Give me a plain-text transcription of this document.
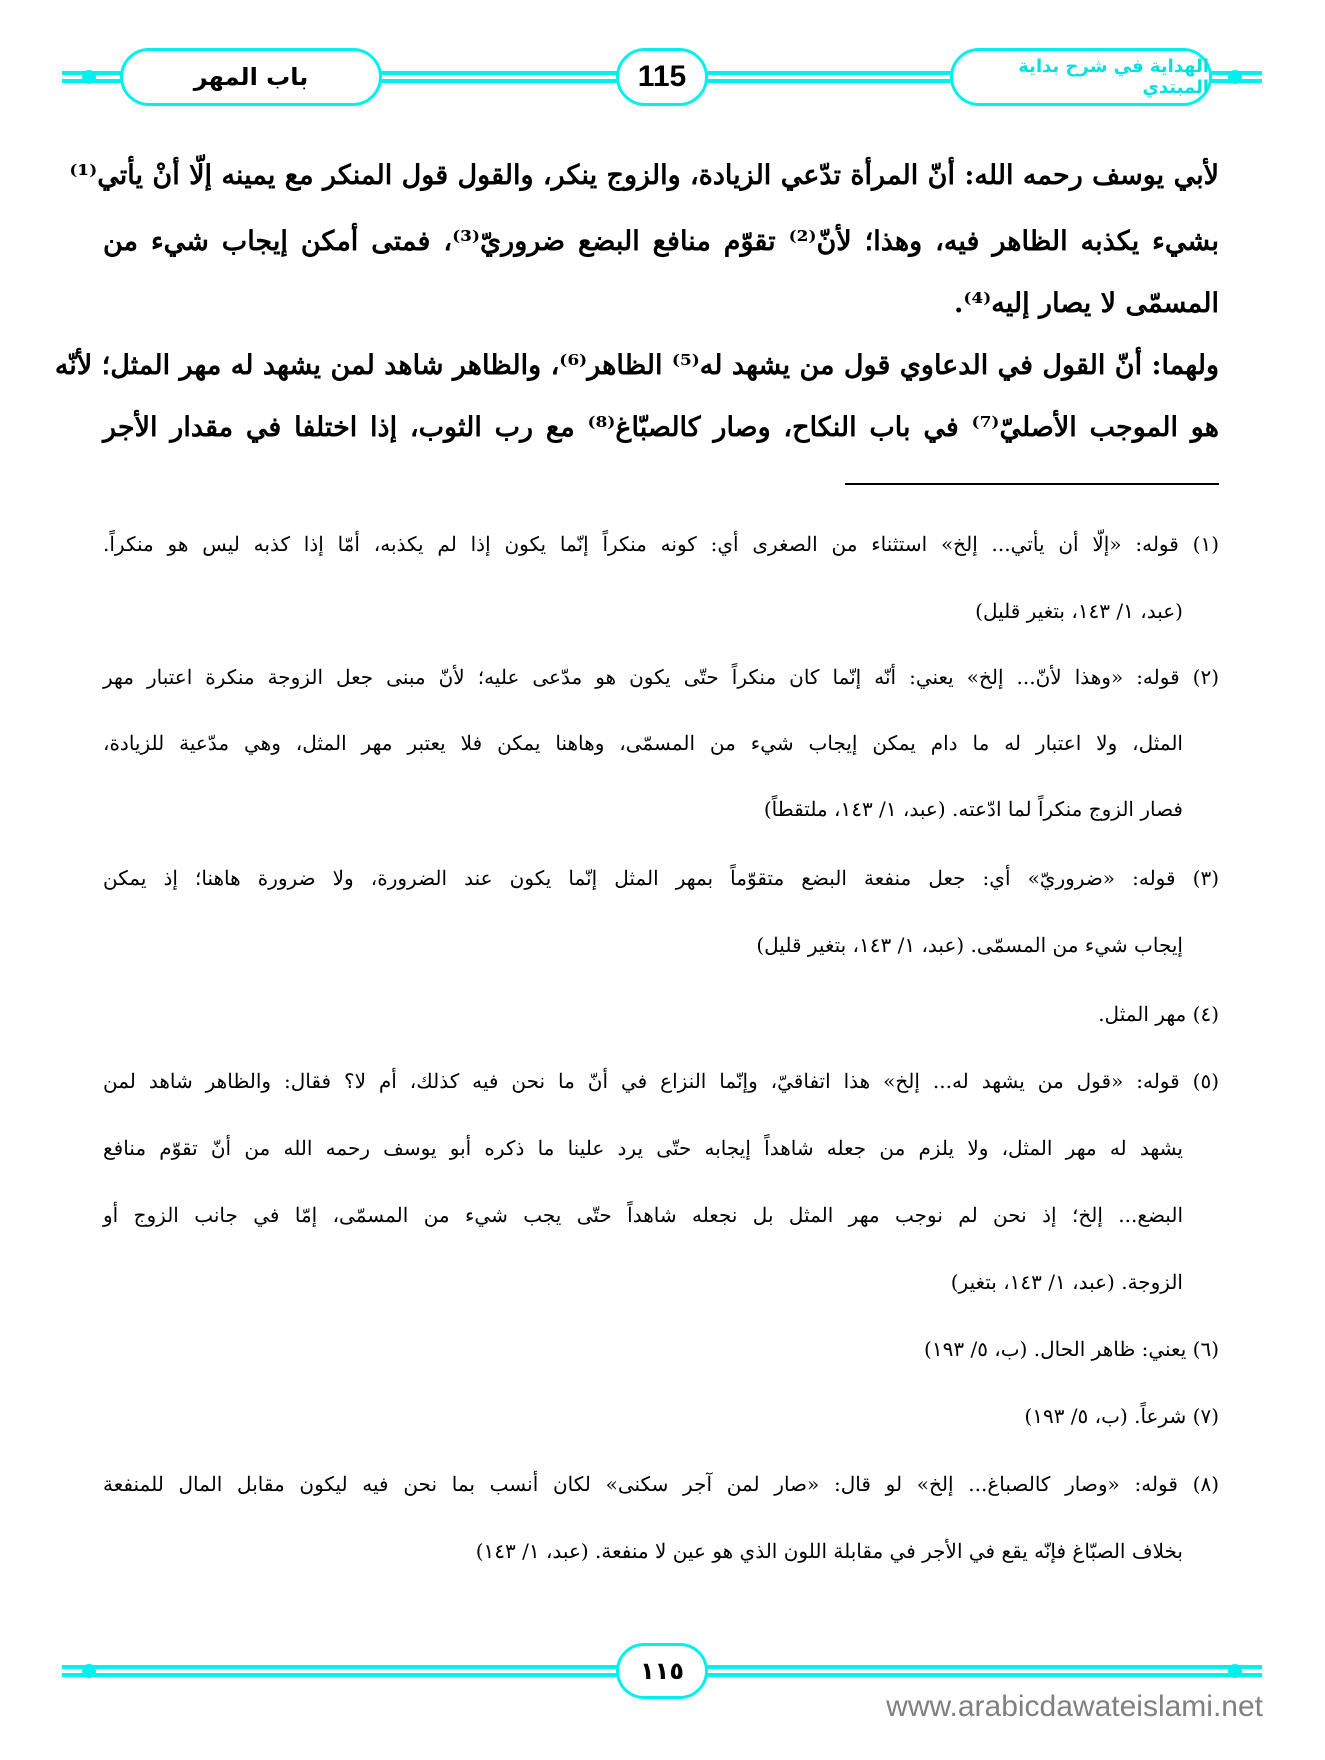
باب المهر	115	الهداية في شرح بداية المبتدي
لأبي يوسف رحمه الله: أنّ المرأة تدّعي الزيادة، والزوج ينكر، والقول قول المنكر مع يمينه إلّا أنْ يأتي⁽¹⁾
بشيء يكذبه الظاهر فيه، وهذا؛ لأنّ⁽²⁾ تقوّم منافع البضع ضروريّ⁽³⁾، فمتى أمكن إيجاب شيء من
المسمّى لا يصار إليه⁽⁴⁾.
ولهما: أنّ القول في الدعاوي قول من يشهد له⁽⁵⁾ الظاهر⁽⁶⁾، والظاهر شاهد لمن يشهد له مهر المثل؛ لأنّه
هو الموجب الأصليّ⁽⁷⁾ في باب النكاح، وصار كالصبّاغ⁽⁸⁾ مع رب الثوب، إذا اختلفا في مقدار الأجر
(١) قوله: «إلّا أن يأتي... إلخ» استثناء من الصغرى أي: كونه منكراً إنّما يكون إذا لم يكذبه، أمّا إذا كذبه ليس هو منكراً.
(عبد، ١/ ١٤٣، بتغير قليل)
(٢) قوله: «وهذا لأنّ... إلخ» يعني: أنّه إنّما كان منكراً حتّى يكون هو مدّعى عليه؛ لأنّ مبنى جعل الزوجة منكرة اعتبار مهر
المثل، ولا اعتبار له ما دام يمكن إيجاب شيء من المسمّى، وهاهنا يمكن فلا يعتبر مهر المثل، وهي مدّعية للزيادة،
فصار الزوج منكراً لما ادّعته. (عبد، ١/ ١٤٣، ملتقطاً)
(٣) قوله: «ضروريّ» أي: جعل منفعة البضع متقوّماً بمهر المثل إنّما يكون عند الضرورة، ولا ضرورة هاهنا؛ إذ يمكن
إيجاب شيء من المسمّى. (عبد، ١/ ١٤٣، بتغير قليل)
(٤) مهر المثل.
(٥) قوله: «قول من يشهد له... إلخ» هذا اتفاقيّ، وإنّما النزاع في أنّ ما نحن فيه كذلك، أم لا؟ فقال: والظاهر شاهد لمن
يشهد له مهر المثل، ولا يلزم من جعله شاهداً إيجابه حتّى يرد علينا ما ذكره أبو يوسف رحمه الله من أنّ تقوّم منافع
البضع... إلخ؛ إذ نحن لم نوجب مهر المثل بل نجعله شاهداً حتّى يجب شيء من المسمّى، إمّا في جانب الزوج أو
الزوجة. (عبد، ١/ ١٤٣، بتغير)
(٦) يعني: ظاهر الحال. (ب، ٥/ ١٩٣)
(٧) شرعاً. (ب، ٥/ ١٩٣)
(٨) قوله: «وصار كالصباغ... إلخ» لو قال: «صار لمن آجر سكنى» لكان أنسب بما نحن فيه ليكون مقابل المال للمنفعة
بخلاف الصبّاغ فإنّه يقع في الأجر في مقابلة اللون الذي هو عين لا منفعة. (عبد، ١/ ١٤٣)
١١٥
www.arabicdawateislami.net
